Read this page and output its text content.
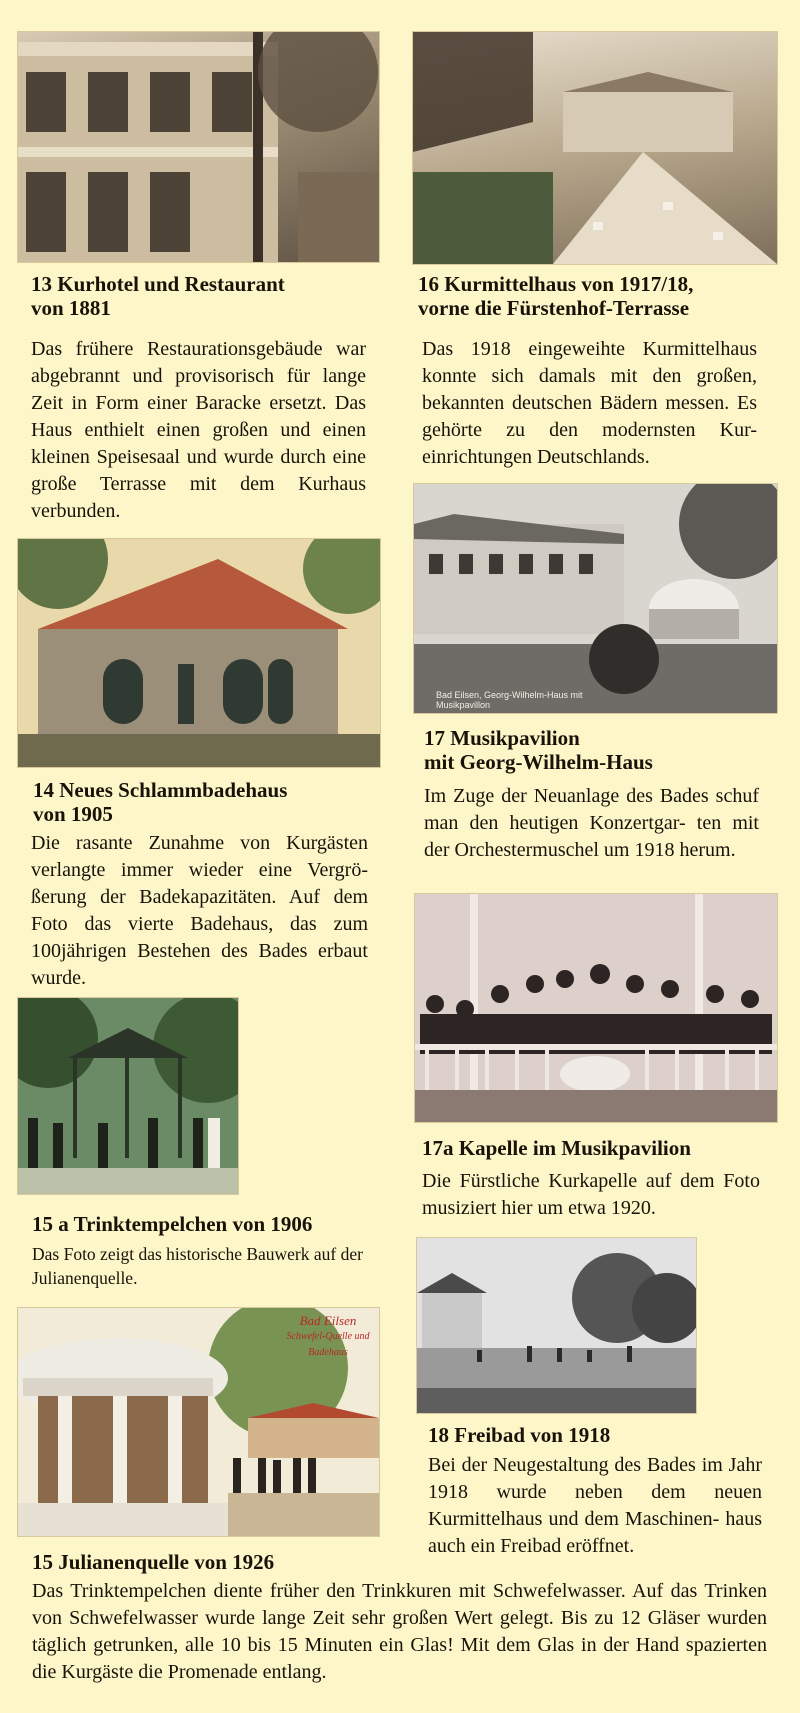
13 Kurhotel und Restaurant
von 1881

Das frühere Restaurationsgebäude war abgebrannt und provisorisch für lange Zeit in Form einer Baracke ersetzt. Das Haus enthielt einen großen und einen kleinen Speisesaal und wurde durch eine große Terrasse mit dem Kurhaus verbunden.

16 Kurmittelhaus von 1917/18,
vorne die Fürstenhof-Terrasse

Das 1918 eingeweihte Kurmittelhaus konnte sich damals mit den großen, bekannten deutschen Bädern messen. Es gehörte zu den modernsten Kur- einrichtungen Deutschlands.

Bad Eilsen, Georg-Wilhelm-Haus mit Musikpavillon

14 Neues Schlammbadehaus
von 1905

Die rasante Zunahme von Kurgästen verlangte immer wieder eine Vergrö- ßerung der Badekapazitäten. Auf dem Foto das vierte Badehaus, das zum 100jährigen Bestehen des Bades erbaut wurde.

17 Musikpavilion
mit Georg-Wilhelm-Haus

Im Zuge der Neuanlage des Bades schuf man den heutigen Konzertgar- ten mit der Orchestermuschel um 1918 herum.

17a Kapelle im Musikpavilion

Die Fürstliche Kurkapelle auf dem Foto musiziert hier um etwa 1920.

15 a Trinktempelchen von 1906

Das Foto zeigt das historische Bauwerk auf der Julianenquelle.

Bad Eilsen
Schwefel-Quelle und Badehaus

18 Freibad von 1918

Bei der Neugestaltung des Bades im Jahr 1918 wurde neben dem neuen Kurmittelhaus und dem Maschinen- haus auch ein Freibad eröffnet.

15 Julianenquelle von 1926

Das Trinktempelchen diente früher den Trinkkuren mit Schwefelwasser. Auf das Trinken von Schwefelwasser wurde lange Zeit sehr großen Wert gelegt. Bis zu 12 Gläser wurden täglich getrunken, alle 10 bis 15 Minuten ein Glas! Mit dem Glas in der Hand spazierten die Kurgäste die Promenade entlang.
